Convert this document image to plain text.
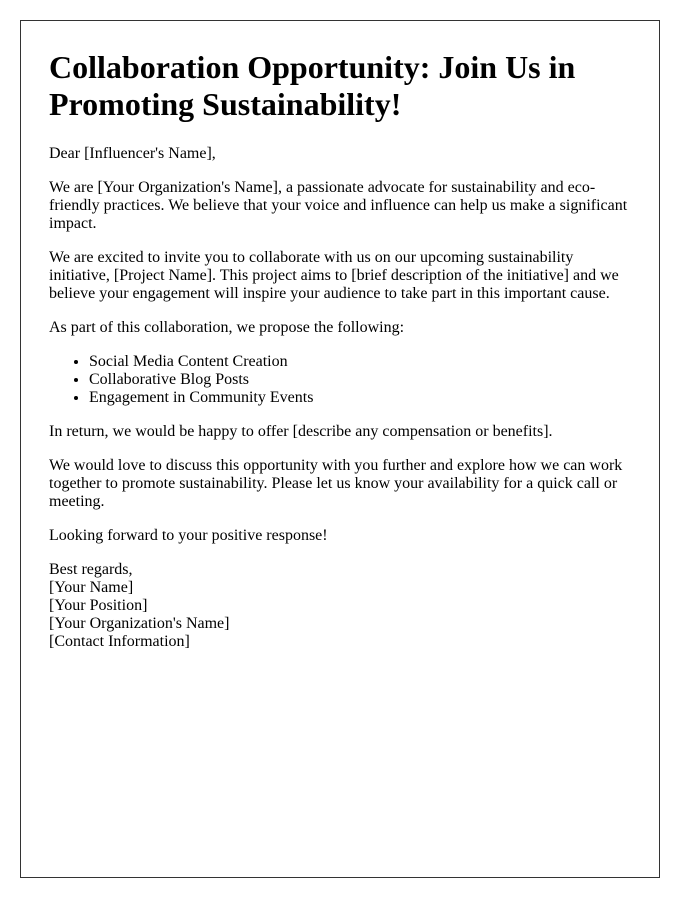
Collaboration Opportunity: Join Us in Promoting Sustainability!

Dear [Influencer's Name],

We are [Your Organization's Name], a passionate advocate for sustainability and eco-friendly practices. We believe that your voice and influence can help us make a significant impact.

We are excited to invite you to collaborate with us on our upcoming sustainability initiative, [Project Name]. This project aims to [brief description of the initiative] and we believe your engagement will inspire your audience to take part in this important cause.

As part of this collaboration, we propose the following:

• Social Media Content Creation
• Collaborative Blog Posts
• Engagement in Community Events

In return, we would be happy to offer [describe any compensation or benefits].

We would love to discuss this opportunity with you further and explore how we can work together to promote sustainability. Please let us know your availability for a quick call or meeting.

Looking forward to your positive response!

Best regards,
[Your Name]
[Your Position]
[Your Organization's Name]
[Contact Information]
